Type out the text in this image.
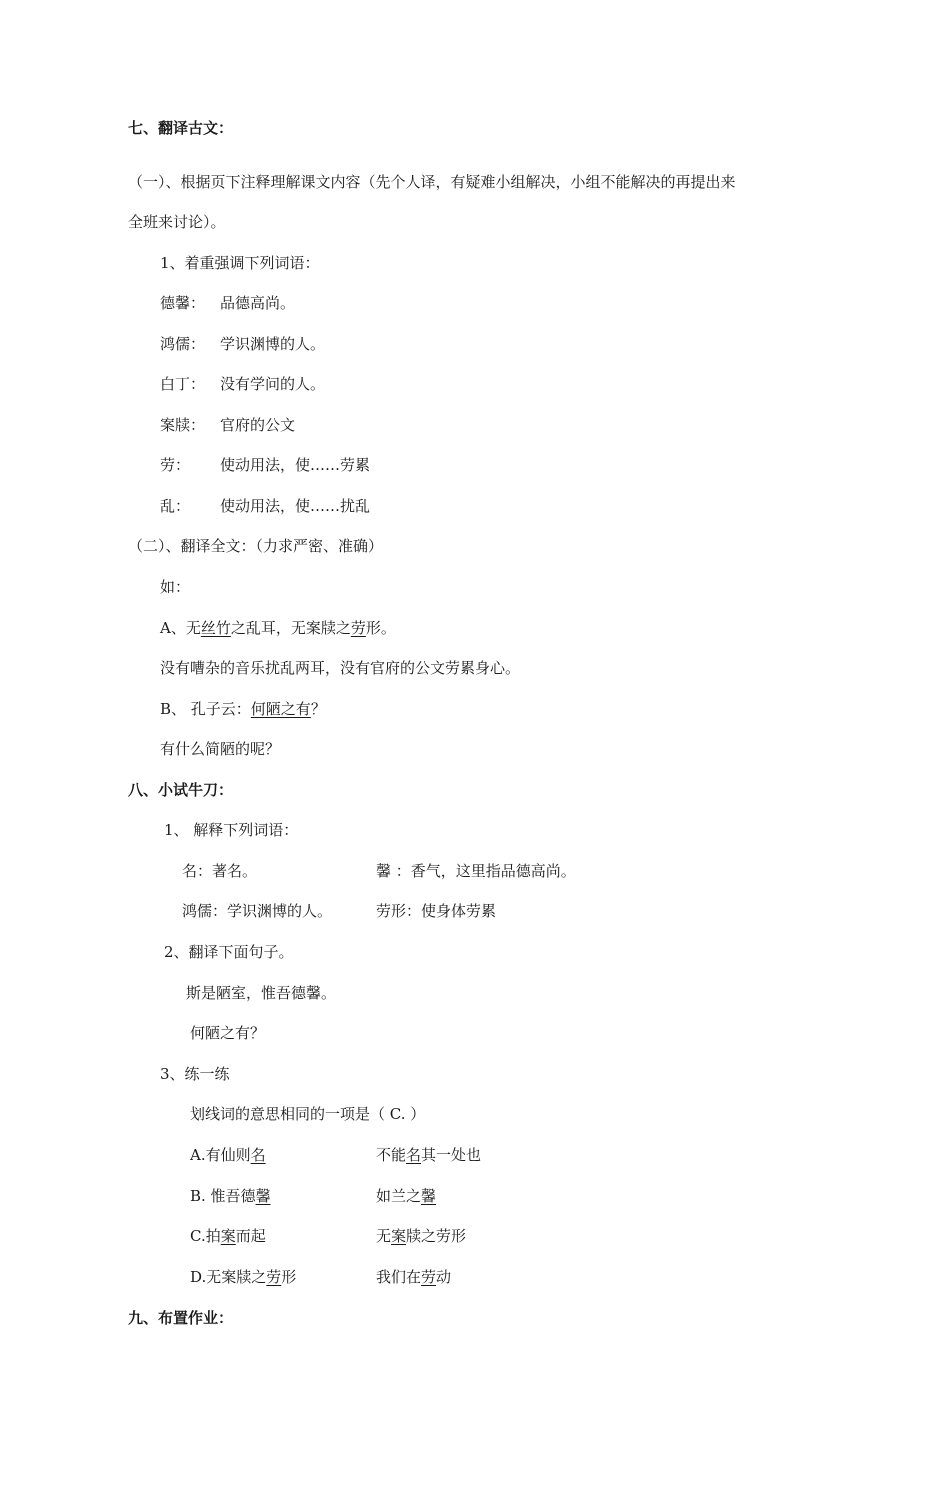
七、翻译古文：
（一）、根据页下注释理解课文内容（先个人译，有疑难小组解决，小组不能解决的再提出来
全班来讨论）。
1、着重强调下列词语：
德馨： 品德高尚。
鸿儒： 学识渊博的人。
白丁： 没有学问的人。
案牍： 官府的公文
劳： 使动用法，使……劳累
乱： 使动用法，使……扰乱
（二）、翻译全文：（力求严密、准确）
如：
A、无丝竹之乱耳，无案牍之劳形。
没有嘈杂的音乐扰乱两耳，没有官府的公文劳累身心。
B、 孔子云：何陋之有？
有什么简陋的呢？
八、小试牛刀：
1、 解释下列词语：
名：著名。	馨 ：香气，这里指品德高尚。
鸿儒：学识渊博的人。	劳形：使身体劳累
2、翻译下面句子。
斯是陋室，惟吾德馨。
何陋之有？
3、练一练
划线词的意思相同的一项是（ C. ）
A.有仙则名	不能名其一处也
B. 惟吾德馨	如兰之馨
C.拍案而起	无案牍之劳形
D.无案牍之劳形	我们在劳动
九、布置作业：
